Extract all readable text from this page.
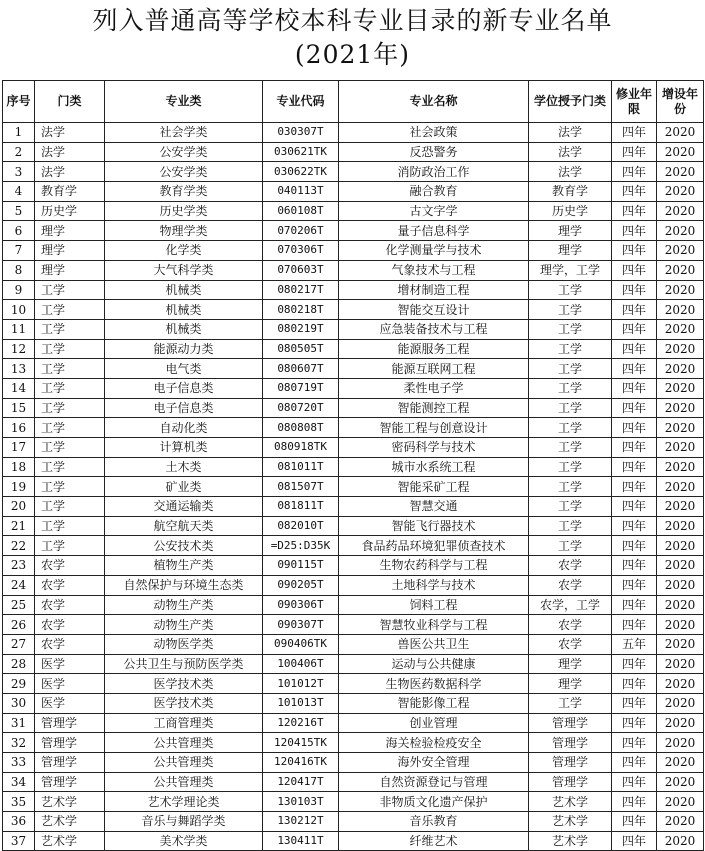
列入普通高等学校本科专业目录的新专业名单
(2021年)
序号	门类	专业类	专业代码	专业名称	学位授予门类	修业年限	增设年份
1	法学	社会学类	030307T	社会政策	法学	四年	2020
2	法学	公安学类	030621TK	反恐警务	法学	四年	2020
3	法学	公安学类	030622TK	消防政治工作	法学	四年	2020
4	教育学	教育学类	040113T	融合教育	教育学	四年	2020
5	历史学	历史学类	060108T	古文字学	历史学	四年	2020
6	理学	物理学类	070206T	量子信息科学	理学	四年	2020
7	理学	化学类	070306T	化学测量学与技术	理学	四年	2020
8	理学	大气科学类	070603T	气象技术与工程	理学，工学	四年	2020
9	工学	机械类	080217T	增材制造工程	工学	四年	2020
10	工学	机械类	080218T	智能交互设计	工学	四年	2020
11	工学	机械类	080219T	应急装备技术与工程	工学	四年	2020
12	工学	能源动力类	080505T	能源服务工程	工学	四年	2020
13	工学	电气类	080607T	能源互联网工程	工学	四年	2020
14	工学	电子信息类	080719T	柔性电子学	工学	四年	2020
15	工学	电子信息类	080720T	智能测控工程	工学	四年	2020
16	工学	自动化类	080808T	智能工程与创意设计	工学	四年	2020
17	工学	计算机类	080918TK	密码科学与技术	工学	四年	2020
18	工学	土木类	081011T	城市水系统工程	工学	四年	2020
19	工学	矿业类	081507T	智能采矿工程	工学	四年	2020
20	工学	交通运输类	081811T	智慧交通	工学	四年	2020
21	工学	航空航天类	082010T	智能飞行器技术	工学	四年	2020
22	工学	公安技术类	=D25:D35K	食品药品环境犯罪侦查技术	工学	四年	2020
23	农学	植物生产类	090115T	生物农药科学与工程	农学	四年	2020
24	农学	自然保护与环境生态类	090205T	土地科学与技术	农学	四年	2020
25	农学	动物生产类	090306T	饲料工程	农学，工学	四年	2020
26	农学	动物生产类	090307T	智慧牧业科学与工程	农学	四年	2020
27	农学	动物医学类	090406TK	兽医公共卫生	农学	五年	2020
28	医学	公共卫生与预防医学类	100406T	运动与公共健康	理学	四年	2020
29	医学	医学技术类	101012T	生物医药数据科学	理学	四年	2020
30	医学	医学技术类	101013T	智能影像工程	工学	四年	2020
31	管理学	工商管理类	120216T	创业管理	管理学	四年	2020
32	管理学	公共管理类	120415TK	海关检验检疫安全	管理学	四年	2020
33	管理学	公共管理类	120416TK	海外安全管理	管理学	四年	2020
34	管理学	公共管理类	120417T	自然资源登记与管理	管理学	四年	2020
35	艺术学	艺术学理论类	130103T	非物质文化遗产保护	艺术学	四年	2020
36	艺术学	音乐与舞蹈学类	130212T	音乐教育	艺术学	四年	2020
37	艺术学	美术学类	130411T	纤维艺术	艺术学	四年	2020
